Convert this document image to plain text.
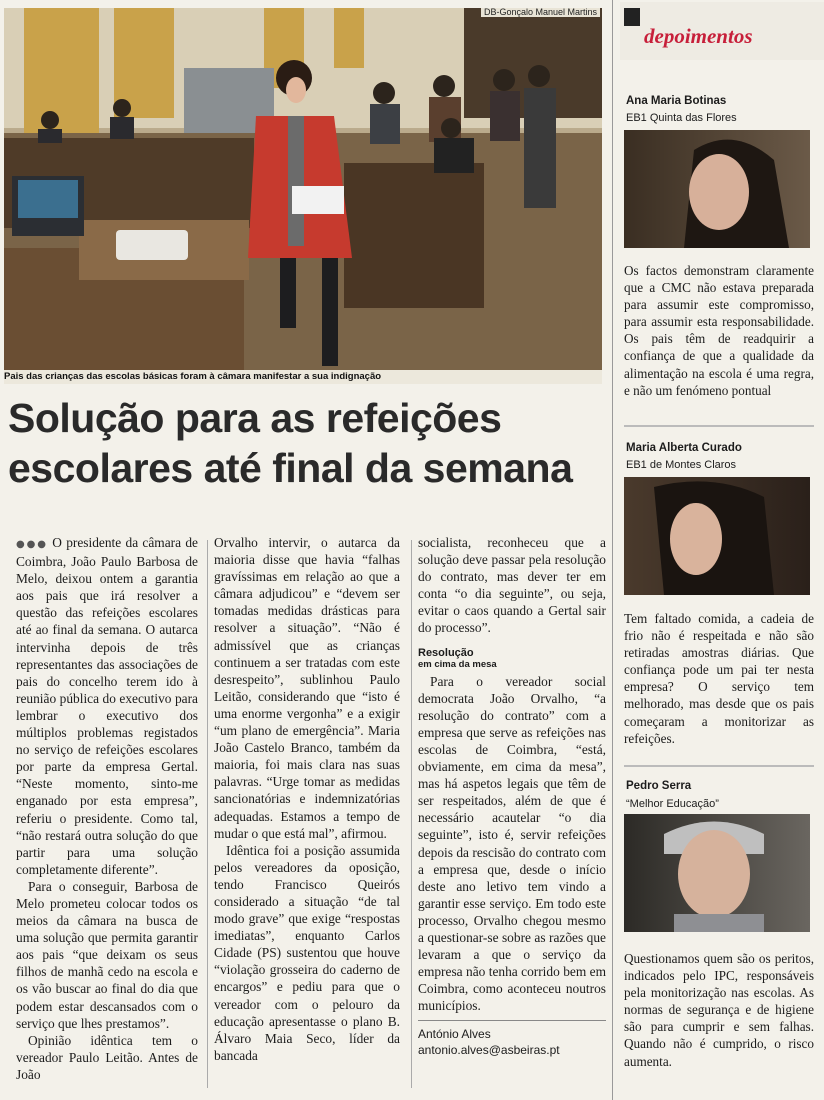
DB-Gonçalo Manuel Martins
Pais das crianças das escolas básicas foram à câmara manifestar a sua indignação
Solução para as refeições
escolares até final da semana

●●● O presidente da câmara de Coimbra, João Paulo Barbosa de Melo, deixou ontem a garantia aos pais que irá resolver a questão das refeições escolares até ao final da semana. O autarca intervinha depois de três representantes das associações de pais do concelho terem ido à reunião pública do executivo para lembrar o executivo dos múltiplos problemas registados no serviço de refeições escolares por parte da empresa Gertal. “Neste momento, sinto-me enganado por esta empresa”, referiu o presidente. Como tal, “não restará outra solução do que partir para uma solução completamente diferente”.

Para o conseguir, Barbosa de Melo prometeu colocar todos os meios da câmara na busca de uma solução que permita garantir aos pais “que deixam os seus filhos de manhã cedo na escola e os vão buscar ao final do dia que podem estar descansados com o serviço que lhes prestamos”.

Opinião idêntica tem o vereador Paulo Leitão. Antes de João

Orvalho intervir, o autarca da maioria disse que havia “falhas gravíssimas em relação ao que a câmara adjudicou” e “devem ser tomadas medidas drásticas para resolver a situação”. “Não é admissível que as crianças continuem a ser tratadas com este desrespeito”, sublinhou Paulo Leitão, considerando que “isto é uma enorme vergonha” e a exigir “um plano de emergência”. Maria João Castelo Branco, também da maioria, foi mais clara nas suas palavras. “Urge tomar as medidas sancionatórias e indemnizatórias adequadas. Estamos a tempo de mudar o que está mal”, afirmou.

Idêntica foi a posição assumida pelos vereadores da oposição, tendo Francisco Queirós considerado a situação “de tal modo grave” que exige “respostas imediatas”, enquanto Carlos Cidade (PS) sustentou que houve “violação grosseira do caderno de encargos” e pediu para que o vereador com o pelouro da educação apresentasse o plano B. Álvaro Maia Seco, líder da bancada

socialista, reconheceu que a solução deve passar pela resolução do contrato, mas dever ter em conta “o dia seguinte”, ou seja, evitar o caos quando a Gertal sair do processo”.

Resolução
em cima da mesa

Para o vereador social democrata João Orvalho, “a resolução do contrato” com a empresa que serve as refeições nas escolas de Coimbra, “está, obviamente, em cima da mesa”, mas há aspetos legais que têm de ser respeitados, além de que é necessário acautelar “o dia seguinte”, isto é, servir refeições depois da rescisão do contrato com a empresa que, desde o início deste ano letivo tem vindo a garantir esse serviço. Em todo este processo, Orvalho chegou mesmo a questionar-se sobre as razões que levaram a que o serviço da empresa não tenha corrido bem em Coimbra, como aconteceu noutros municípios.

António Alves
antonio.alves@asbeiras.pt
depoimentos
Ana Maria Botinas
EB1 Quinta das Flores
Os factos demonstram claramente que a CMC não estava preparada para assumir este compromisso, para assumir esta responsabilidade. Os pais têm de readquirir a confiança de que a qualidade da alimentação na escola é uma regra, e não um fenómeno pontual
Maria Alberta Curado
EB1 de Montes Claros
Tem faltado comida, a cadeia de frio não é respeitada e não são retiradas amostras diárias. Que confiança pode um pai ter nesta empresa? O serviço tem melhorado, mas desde que os pais começaram a monitorizar as refeições.
Pedro Serra
“Melhor Educação”
Questionamos quem são os peritos, indicados pelo IPC, responsáveis pela monitorização nas escolas. As normas de segurança e de higiene são para cumprir e sem falhas. Quando não é cumprido, o risco aumenta.
